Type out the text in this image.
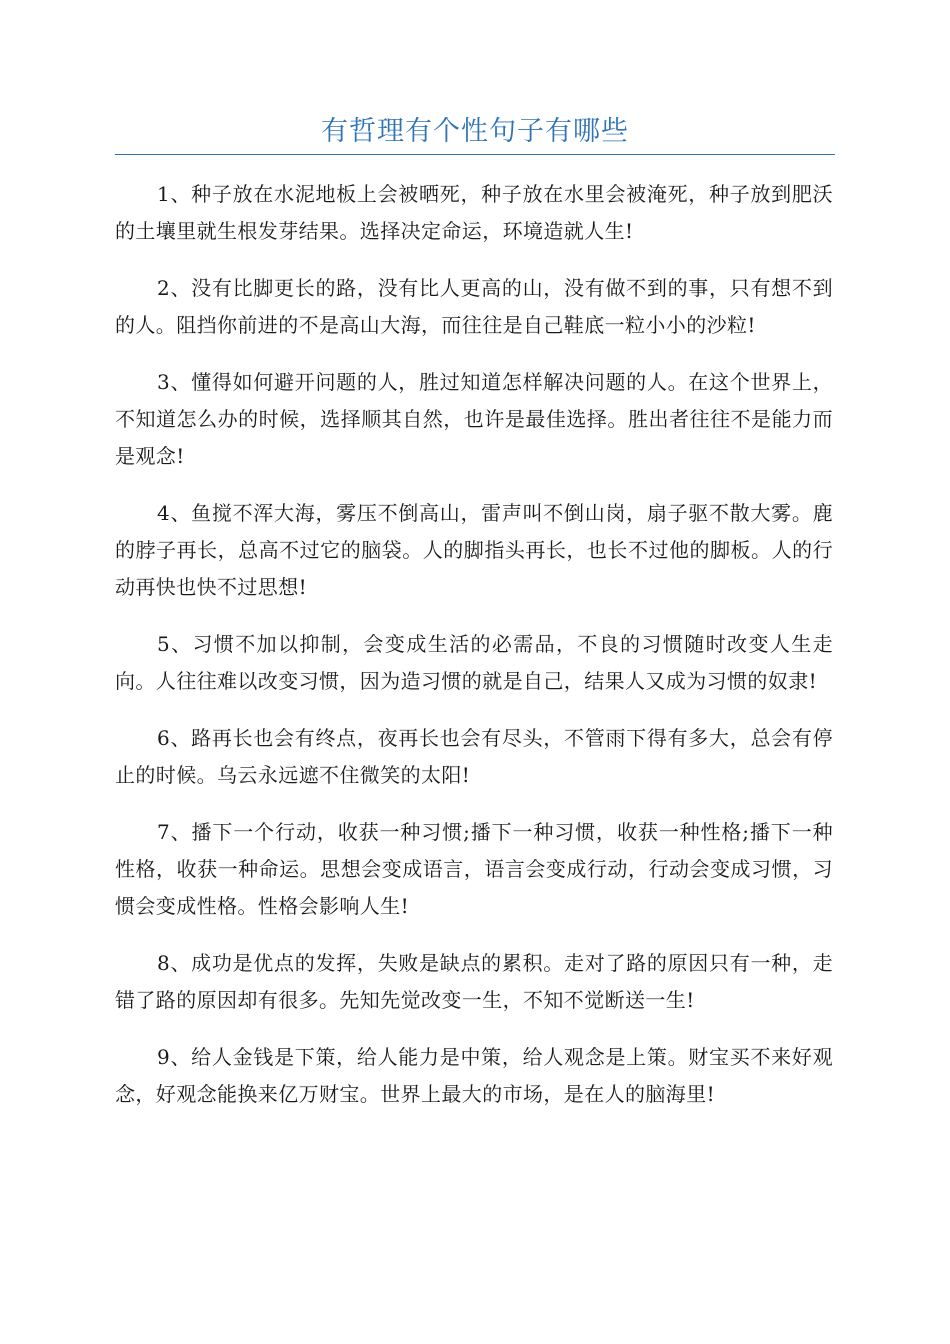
有哲理有个性句子有哪些

1、种子放在水泥地板上会被晒死，种子放在水里会被淹死，种子放到肥沃的土壤里就生根发芽结果。选择决定命运，环境造就人生!

2、没有比脚更长的路，没有比人更高的山，没有做不到的事，只有想不到的人。阻挡你前进的不是高山大海，而往往是自己鞋底一粒小小的沙粒!

3、懂得如何避开问题的人，胜过知道怎样解决问题的人。在这个世界上，不知道怎么办的时候，选择顺其自然，也许是最佳选择。胜出者往往不是能力而是观念!

4、鱼搅不浑大海，雾压不倒高山，雷声叫不倒山岗，扇子驱不散大雾。鹿的脖子再长，总高不过它的脑袋。人的脚指头再长，也长不过他的脚板。人的行动再快也快不过思想!

5、习惯不加以抑制，会变成生活的必需品，不良的习惯随时改变人生走向。人往往难以改变习惯，因为造习惯的就是自己，结果人又成为习惯的奴隶!

6、路再长也会有终点，夜再长也会有尽头，不管雨下得有多大，总会有停止的时候。乌云永远遮不住微笑的太阳!

7、播下一个行动，收获一种习惯;播下一种习惯，收获一种性格;播下一种性格，收获一种命运。思想会变成语言，语言会变成行动，行动会变成习惯，习惯会变成性格。性格会影响人生!

8、成功是优点的发挥，失败是缺点的累积。走对了路的原因只有一种，走错了路的原因却有很多。先知先觉改变一生，不知不觉断送一生!

9、给人金钱是下策，给人能力是中策，给人观念是上策。财宝买不来好观念，好观念能换来亿万财宝。世界上最大的市场，是在人的脑海里!
